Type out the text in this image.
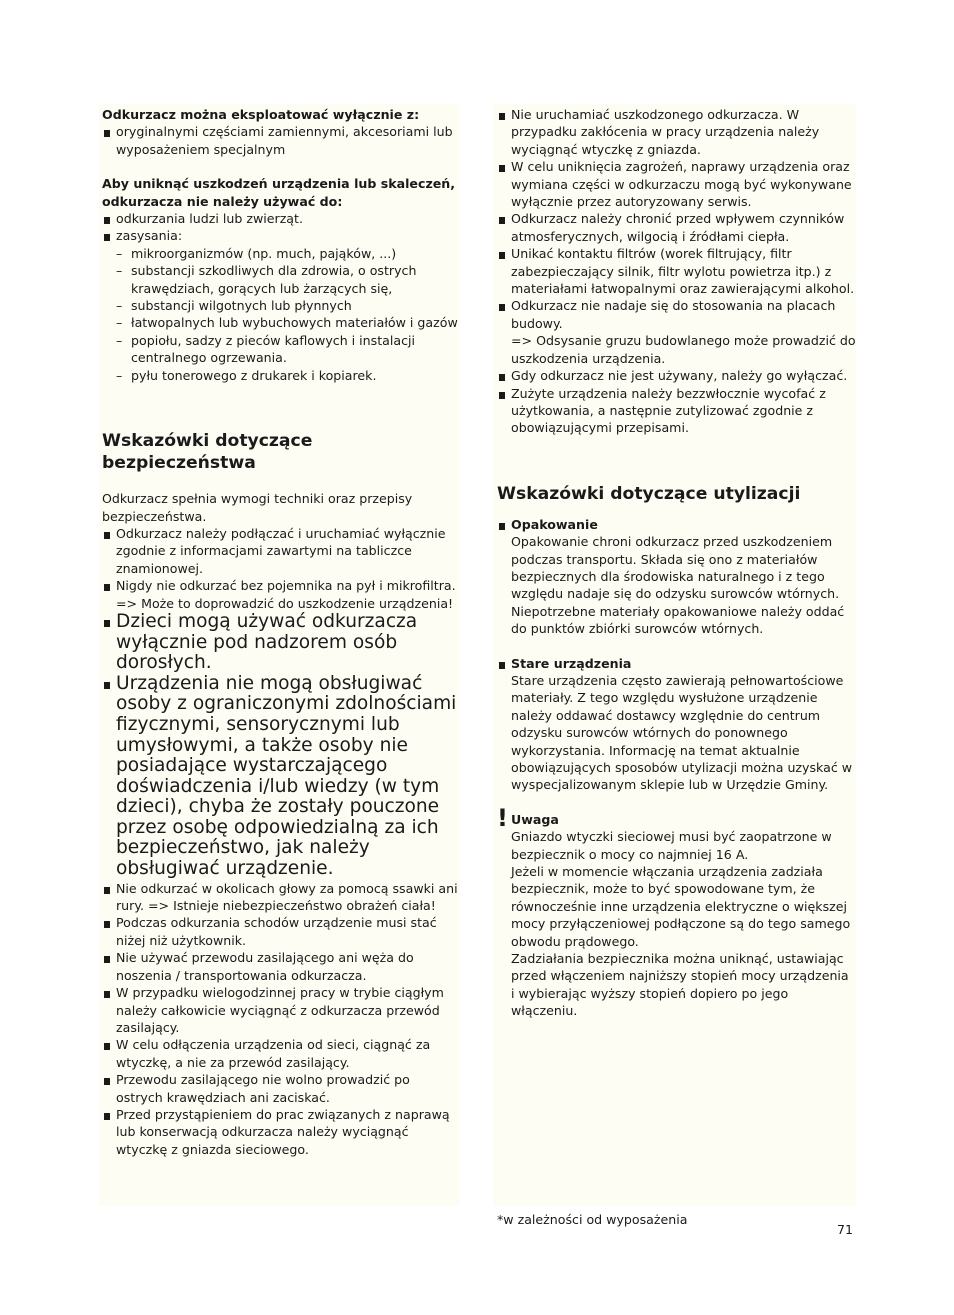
Odkurzacz można eksploatować wyłącznie z:

oryginalnymi częściami zamiennymi, akcesoriami lub wyposażeniem specjalnym

Aby uniknąć uszkodzeń urządzenia lub skaleczeń, odkurzacza nie należy używać do:

odkurzania ludzi lub zwierząt.
zasysania:
– mikroorganizmów (np. much, pająków, ...)
– substancji szkodliwych dla zdrowia, o ostrych krawędziach, gorących lub żarzących się,
– substancji wilgotnych lub płynnych
– łatwopalnych lub wybuchowych materiałów i gazów
– popiołu, sadzy z pieców kaflowych i instalacji centralnego ogrzewania.
– pyłu tonerowego z drukarek i kopiarek.
Wskazówki dotyczące bezpieczeństwa

Odkurzacz spełnia wymogi techniki oraz przepisy bezpieczeństwa.

Odkurzacz należy podłączać i uruchamiać wyłącznie zgodnie z informacjami zawartymi na tabliczce znamionowej.
Nigdy nie odkurzać bez pojemnika na pył i mikrofiltra. => Może to doprowadzić do uszkodzenie urządzenia!
Dzieci mogą używać odkurzacza wyłącznie pod nadzorem osób dorosłych.
Urządzenia nie mogą obsługiwać osoby z ograniczonymi zdolnościami fizycznymi, sensorycznymi lub umysłowymi, a także osoby nie posiadające wystarczającego doświadczenia i/lub wiedzy (w tym dzieci), chyba że zostały pouczone przez osobę odpowiedzialną za ich bezpieczeństwo, jak należy obsługiwać urządzenie.
Nie odkurzać w okolicach głowy za pomocą ssawki ani rury. => Istnieje niebezpieczeństwo obrażeń ciała!
Podczas odkurzania schodów urządzenie musi stać niżej niż użytkownik.
Nie używać przewodu zasilającego ani węża do noszenia / transportowania odkurzacza.
W przypadku wielogodzinnej pracy w trybie ciągłym należy całkowicie wyciągnąć z odkurzacza przewód zasilający.
W celu odłączenia urządzenia od sieci, ciągnąć za wtyczkę, a nie za przewód zasilający.
Przewodu zasilającego nie wolno prowadzić po ostrych krawędziach ani zaciskać.
Przed przystąpieniem do prac związanych z naprawą lub konserwacją odkurzacza należy wyciągnąć wtyczkę z gniazda sieciowego.
Nie uruchamiać uszkodzonego odkurzacza. W przypadku zakłócenia w pracy urządzenia należy wyciągnąć wtyczkę z gniazda.
W celu uniknięcia zagrożeń, naprawy urządzenia oraz wymiana części w odkurzaczu mogą być wykonywane wyłącznie przez autoryzowany serwis.
Odkurzacz należy chronić przed wpływem czynników atmosferycznych, wilgocią i źródłami ciepła.
Unikać kontaktu filtrów (worek filtrujący, filtr zabezpieczający silnik, filtr wylotu powietrza itp.) z materiałami łatwopalnymi oraz zawierającymi alkohol.
Odkurzacz nie nadaje się do stosowania na placach budowy.
=> Odsysanie gruzu budowlanego może prowadzić do uszkodzenia urządzenia.
Gdy odkurzacz nie jest używany, należy go wyłączać.
Zużyte urządzenia należy bezzwłocznie wycofać z użytkowania, a następnie zutylizować zgodnie z obowiązującymi przepisami.
Wskazówki dotyczące utylizacji
Opakowanie

Opakowanie chroni odkurzacz przed uszkodzeniem podczas transportu. Składa się ono z materiałów bezpiecznych dla środowiska naturalnego i z tego względu nadaje się do odzysku surowców wtórnych. Niepotrzebne materiały opakowaniowe należy oddać do punktów zbiórki surowców wtórnych.

Stare urządzenia

Stare urządzenia często zawierają pełnowartościowe materiały. Z tego względu wysłużone urządzenie należy oddawać dostawcy względnie do centrum odzysku surowców wtórnych do ponownego wykorzystania. Informację na temat aktualnie obowiązujących sposobów utylizacji można uzyskać w wyspecjalizowanym sklepie lub w Urzędzie Gminy.

! Uwaga

Gniazdo wtyczki sieciowej musi być zaopatrzone w bezpiecznik o mocy co najmniej 16 A.
Jeżeli w momencie włączania urządzenia zadziała bezpiecznik, może to być spowodowane tym, że równocześnie inne urządzenia elektryczne o większej mocy przyłączeniowej podłączone są do tego samego obwodu prądowego.
Zadziałania bezpiecznika można uniknąć, ustawiając przed włączeniem najniższy stopień mocy urządzenia i wybierając wyższy stopień dopiero po jego włączeniu.

*w zależności od wyposażenia
71
